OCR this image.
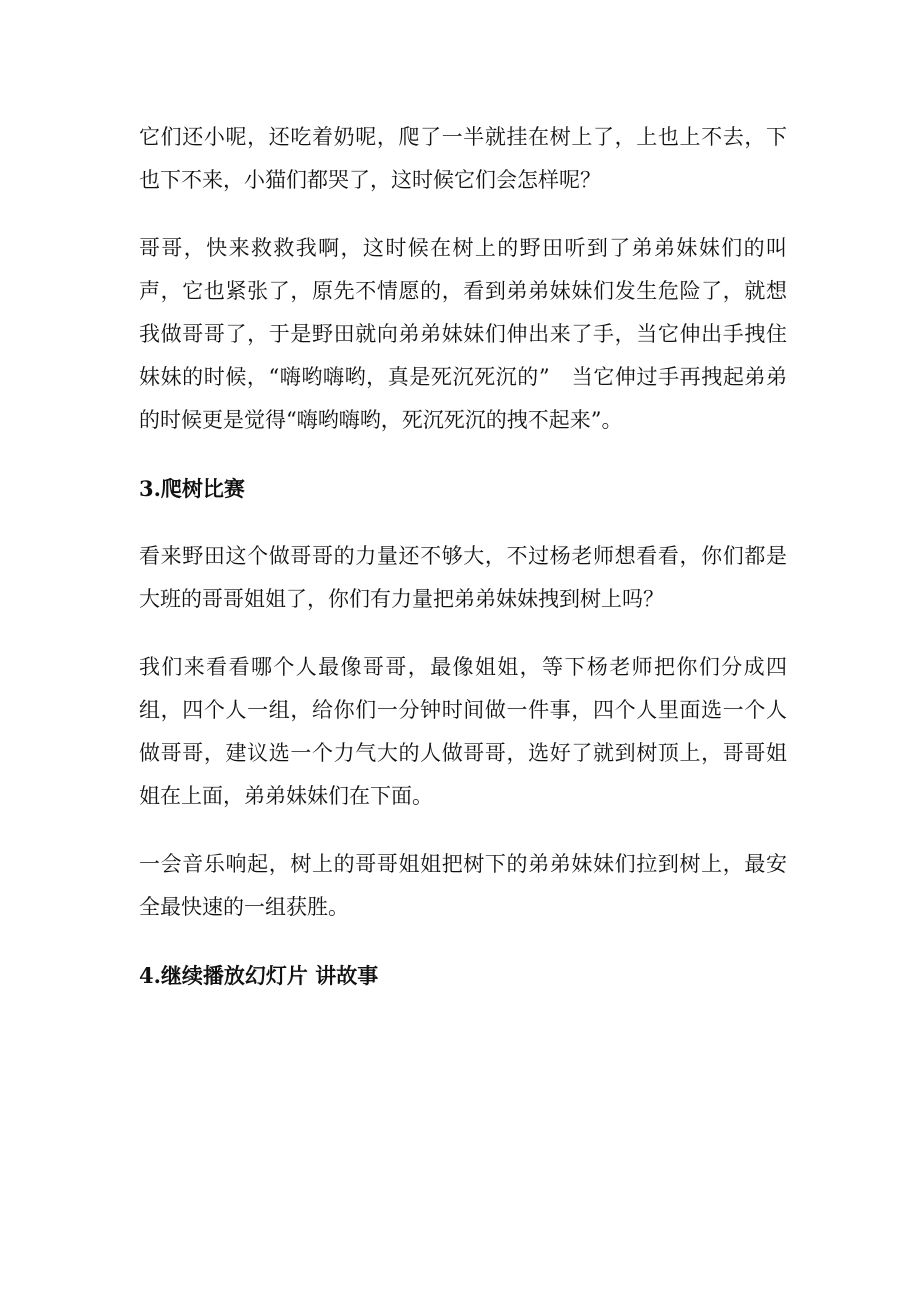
它们还小呢，还吃着奶呢，爬了一半就挂在树上了，上也上不去，下也下不来，小猫们都哭了，这时候它们会怎样呢？

哥哥，快来救救我啊，这时候在树上的野田听到了弟弟妹妹们的叫声，它也紧张了，原先不情愿的，看到弟弟妹妹们发生危险了，就想我做哥哥了，于是野田就向弟弟妹妹们伸出来了手，当它伸出手拽住妹妹的时候，“嗨哟嗨哟，真是死沉死沉的”　当它伸过手再拽起弟弟的时候更是觉得“嗨哟嗨哟，死沉死沉的拽不起来”。

3.爬树比赛

看来野田这个做哥哥的力量还不够大，不过杨老师想看看，你们都是大班的哥哥姐姐了，你们有力量把弟弟妹妹拽到树上吗？

我们来看看哪个人最像哥哥，最像姐姐，等下杨老师把你们分成四组，四个人一组，给你们一分钟时间做一件事，四个人里面选一个人做哥哥，建议选一个力气大的人做哥哥，选好了就到树顶上，哥哥姐姐在上面，弟弟妹妹们在下面。

一会音乐响起，树上的哥哥姐姐把树下的弟弟妹妹们拉到树上，最安全最快速的一组获胜。

4.继续播放幻灯片 讲故事
